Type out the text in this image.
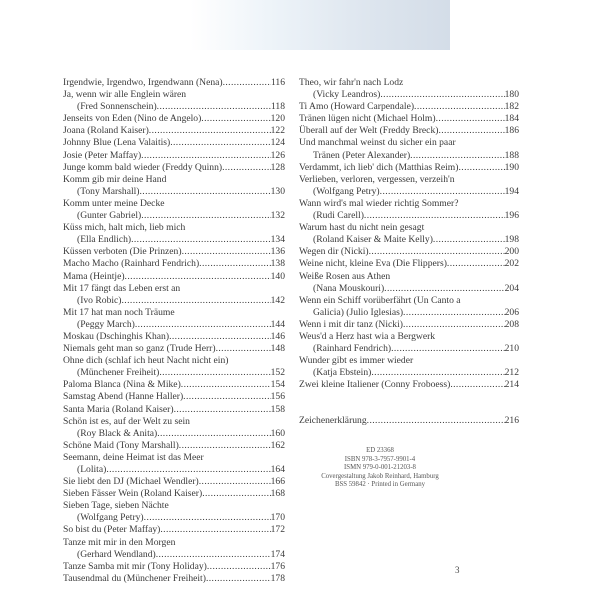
Irgendwie, Irgendwo, Irgendwann (Nena) .....	116
Ja, wenn wir alle Englein wären
(Fred Sonnenschein) .....	118
Jenseits von Eden (Nino de Angelo) .....	120
Joana (Roland Kaiser) .....	122
Johnny Blue (Lena Valaitis) .....	124
Josie (Peter Maffay) .....	126
Junge komm bald wieder (Freddy Quinn) .....	128
Komm gib mir deine Hand
(Tony Marshall) .....	130
Komm unter meine Decke
(Gunter Gabriel) .....	132
Küss mich, halt mich, lieb mich
(Ella Endlich) .....	134
Küssen verboten (Die Prinzen) .....	136
Macho Macho (Rainhard Fendrich) .....	138
Mama (Heintje) .....	140
Mit 17 fängt das Leben erst an
(Ivo Robic) .....	142
Mit 17 hat man noch Träume
(Peggy March) .....	144
Moskau (Dschinghis Khan) .....	146
Niemals geht man so ganz (Trude Herr) .....	148
Ohne dich (schlaf ich heut Nacht nicht ein)
(Münchener Freiheit) .....	152
Paloma Blanca (Nina & Mike) .....	154
Samstag Abend (Hanne Haller) .....	156
Santa Maria (Roland Kaiser) .....	158
Schön ist es, auf der Welt zu sein
(Roy Black & Anita) .....	160
Schöne Maid (Tony Marshall) .....	162
Seemann, deine Heimat ist das Meer
(Lolita) .....	164
Sie liebt den DJ (Michael Wendler) .....	166
Sieben Fässer Wein (Roland Kaiser) .....	168
Sieben Tage, sieben Nächte
(Wolfgang Petry) .....	170
So bist du (Peter Maffay) .....	172
Tanze mit mir in den Morgen
(Gerhard Wendland) .....	174
Tanze Samba mit mir (Tony Holiday) .....	176
Tausendmal du (Münchener Freiheit) .....	178
Theo, wir fahr'n nach Lodz
(Vicky Leandros) .....	180
Ti Amo (Howard Carpendale) .....	182
Tränen lügen nicht (Michael Holm) .....	184
Überall auf der Welt (Freddy Breck) .....	186
Und manchmal weinst du sicher ein paar
Tränen (Peter Alexander) .....	188
Verdammt, ich lieb' dich (Matthias Reim) .....	190
Verlieben, verloren, vergessen, verzeih'n
(Wolfgang Petry) .....	194
Wann wird's mal wieder richtig Sommer?
(Rudi Carell) .....	196
Warum hast du nicht nein gesagt
(Roland Kaiser & Maite Kelly) .....	198
Wegen dir (Nicki) .....	200
Weine nicht, kleine Eva (Die Flippers) .....	202
Weiße Rosen aus Athen
(Nana Mouskouri) .....	204
Wenn ein Schiff vorüberfährt (Un Canto a
Galicia) (Julio Iglesias) .....	206
Wenn i mit dir tanz (Nicki) .....	208
Weus'd a Herz hast wia a Bergwerk
(Rainhard Fendrich) .....	210
Wunder gibt es immer wieder
(Katja Ebstein) .....	212
Zwei kleine Italiener (Conny Froboess) .....	214
Zeichenerklärung .....	216
ED 23368
ISBN 978-3-7957-9901-4
ISMN 979-0-001-21203-8
Covergestaltung Jakob Reinhard, Hamburg
BSS 59842 · Printed in Germany
3
